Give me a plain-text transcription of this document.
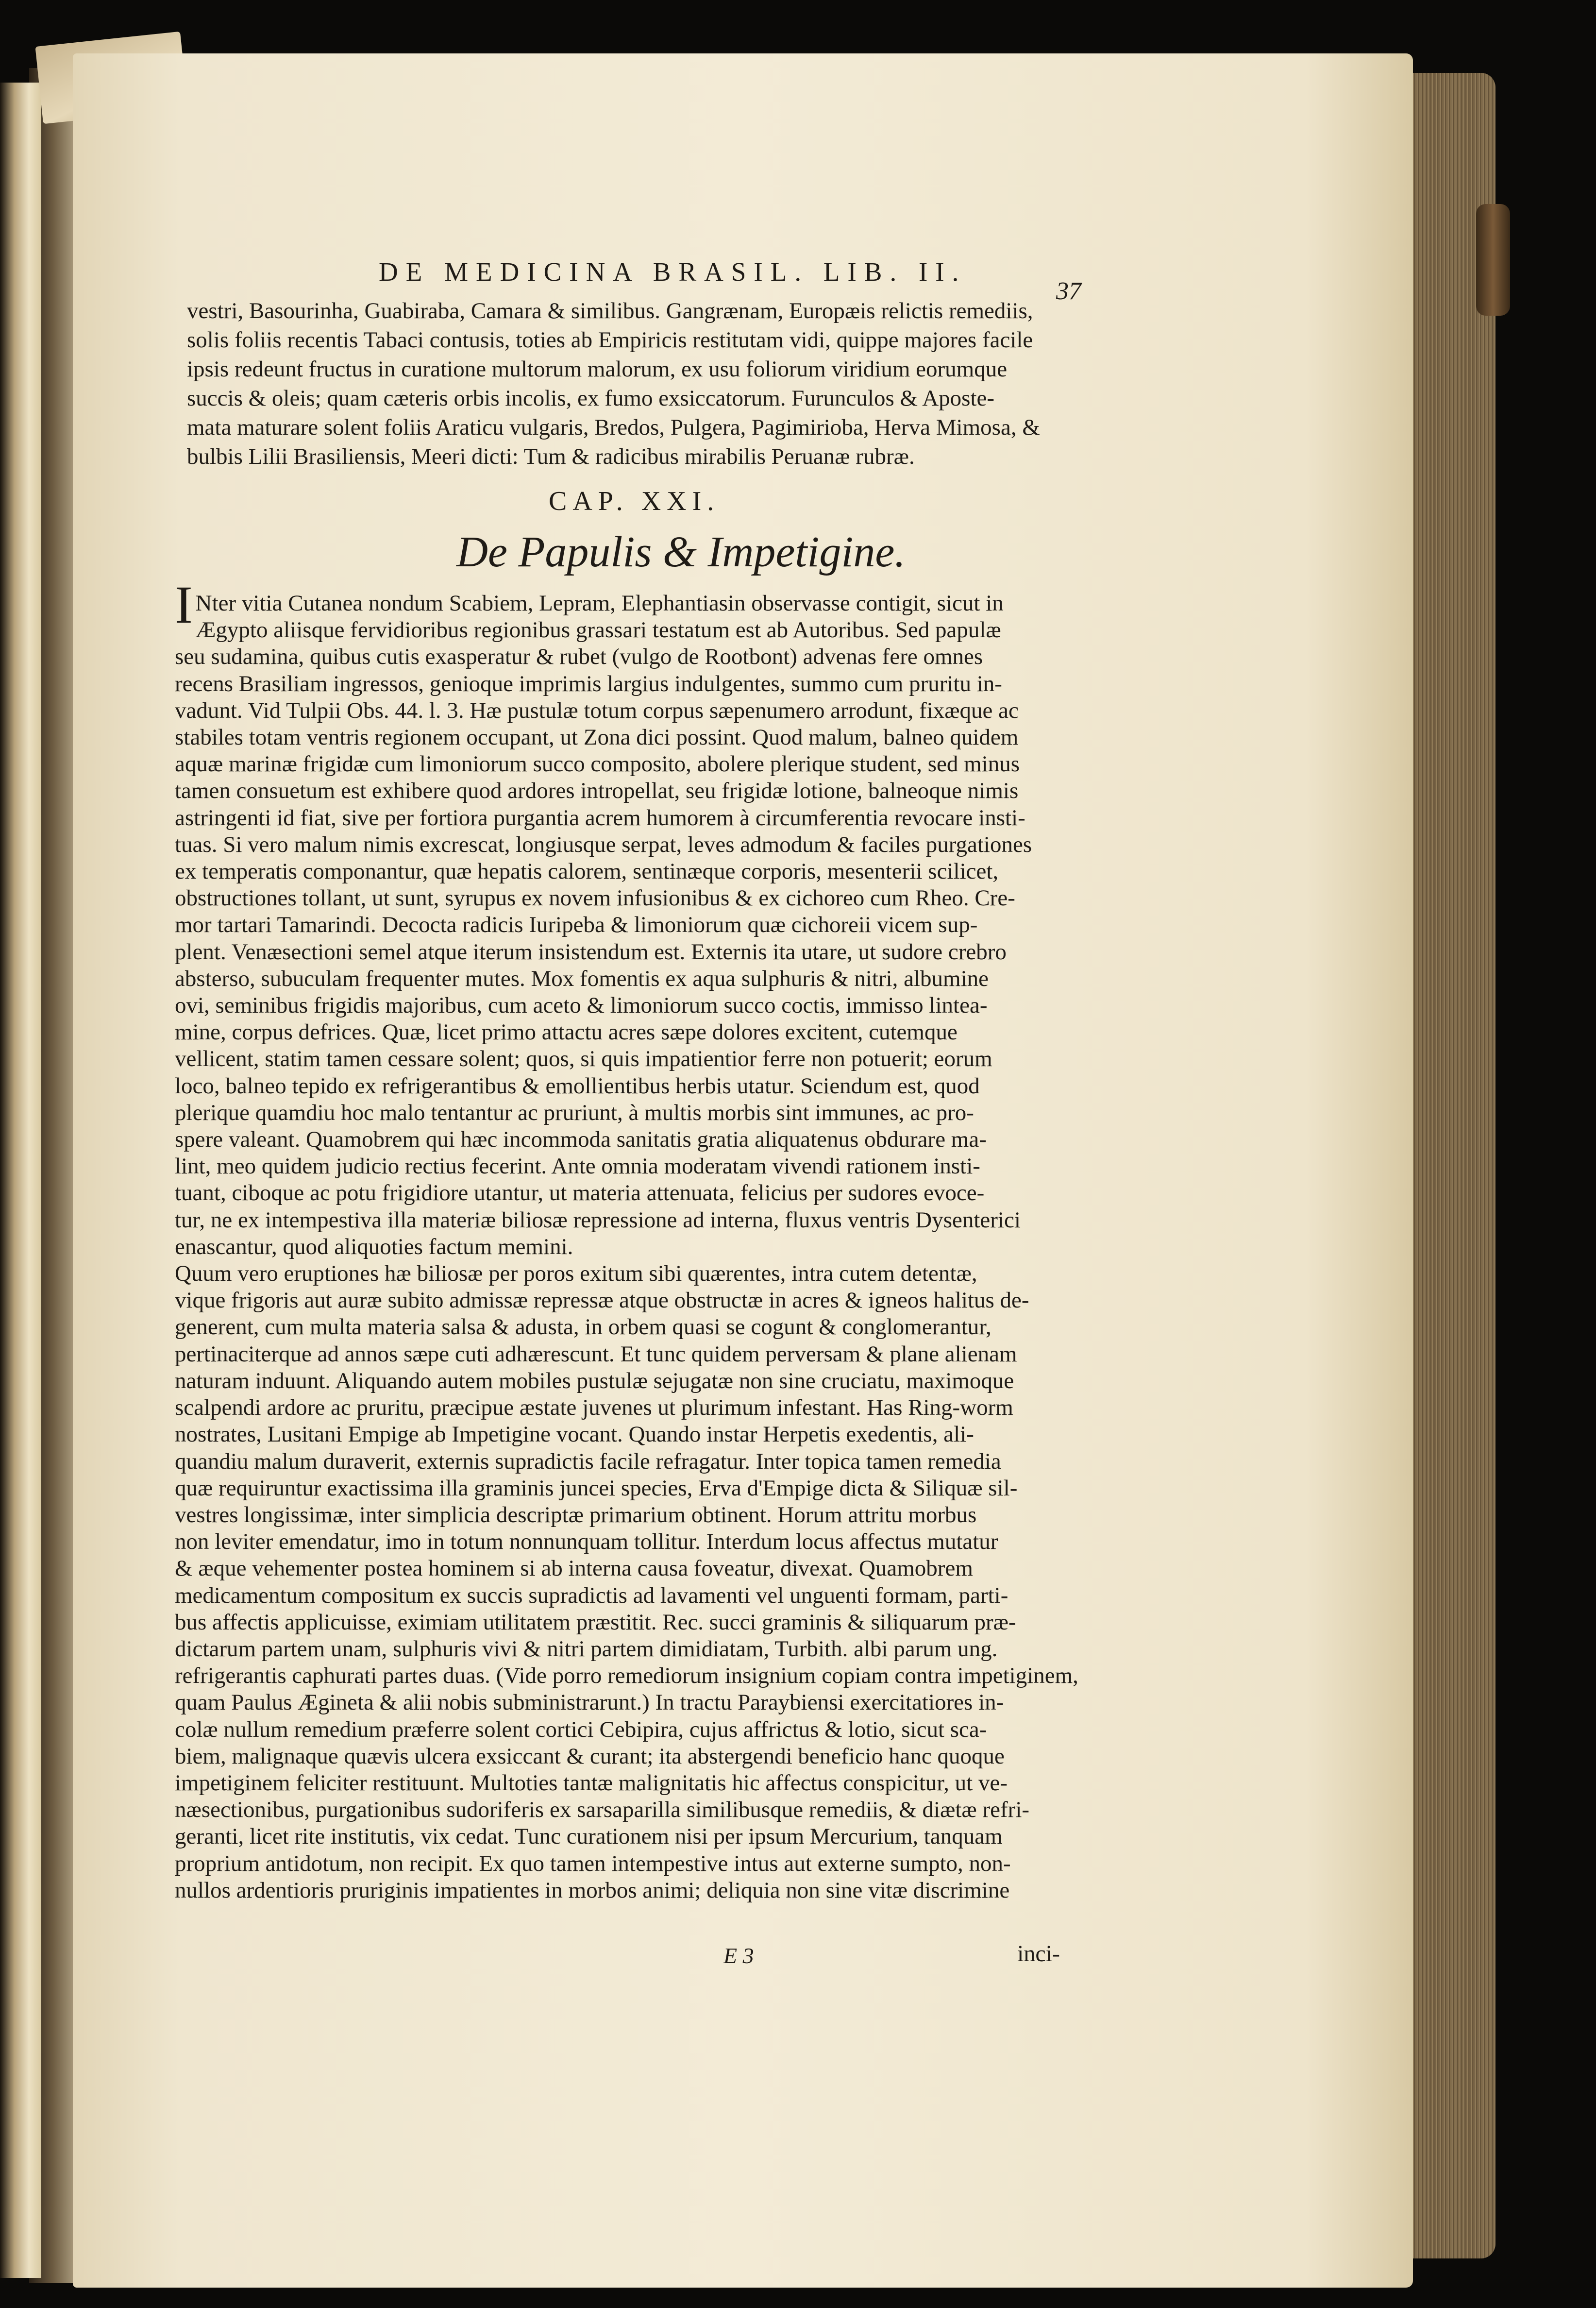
DE MEDICINA BRASIL. LIB. II.
37
vestri, Basourinha, Guabiraba, Camara & similibus. Gangrænam, Europæis relictis remediis,
solis foliis recentis Tabaci contusis, toties ab Empiricis restitutam vidi, quippe majores facile
ipsis redeunt fructus in curatione multorum malorum, ex usu foliorum viridium eorumque
succis & oleis; quam cæteris orbis incolis, ex fumo exsiccatorum. Furunculos & Aposte-
mata maturare solent foliis Araticu vulgaris, Bredos, Pulgera, Pagimirioba, Herva Mimosa, &
bulbis Lilii Brasiliensis, Meeri dicti: Tum & radicibus mirabilis Peruanæ rubræ.
CAP. XXI.
De Papulis & Impetigine.
I Nter vitia Cutanea nondum Scabiem, Lepram, Elephantiasin observasse contigit, sicut in
Ægypto aliisque fervidioribus regionibus grassari testatum est ab Autoribus. Sed papulæ
seu sudamina, quibus cutis exasperatur & rubet (vulgo de Rootbont) advenas fere omnes
recens Brasiliam ingressos, genioque imprimis largius indulgentes, summo cum pruritu in-
vadunt. Vid Tulpii Obs. 44. l. 3. Hæ pustulæ totum corpus sæpenumero arrodunt, fixæque ac
stabiles totam ventris regionem occupant, ut Zona dici possint. Quod malum, balneo quidem
aquæ marinæ frigidæ cum limoniorum succo composito, abolere plerique student, sed minus
tamen consuetum est exhibere quod ardores intropellat, seu frigidæ lotione, balneoque nimis
astringenti id fiat, sive per fortiora purgantia acrem humorem à circumferentia revocare insti-
tuas. Si vero malum nimis excrescat, longiusque serpat, leves admodum & faciles purgationes
ex temperatis componantur, quæ hepatis calorem, sentinæque corporis, mesenterii scilicet,
obstructiones tollant, ut sunt, syrupus ex novem infusionibus & ex cichoreo cum Rheo. Cre-
mor tartari Tamarindi. Decocta radicis Iuripeba & limoniorum quæ cichoreii vicem sup-
plent. Venæsectioni semel atque iterum insistendum est. Externis ita utare, ut sudore crebro
absterso, subuculam frequenter mutes. Mox fomentis ex aqua sulphuris & nitri, albumine
ovi, seminibus frigidis majoribus, cum aceto & limoniorum succo coctis, immisso lintea-
mine, corpus defrices. Quæ, licet primo attactu acres sæpe dolores excitent, cutemque
vellicent, statim tamen cessare solent; quos, si quis impatientior ferre non potuerit; eorum
loco, balneo tepido ex refrigerantibus & emollientibus herbis utatur. Sciendum est, quod
plerique quamdiu hoc malo tentantur ac pruriunt, à multis morbis sint immunes, ac pro-
spere valeant. Quamobrem qui hæc incommoda sanitatis gratia aliquatenus obdurare ma-
lint, meo quidem judicio rectius fecerint. Ante omnia moderatam vivendi rationem insti-
tuant, ciboque ac potu frigidiore utantur, ut materia attenuata, felicius per sudores evoce-
tur, ne ex intempestiva illa materiæ biliosæ repressione ad interna, fluxus ventris Dysenterici
enascantur, quod aliquoties factum memini.
Quum vero eruptiones hæ biliosæ per poros exitum sibi quærentes, intra cutem detentæ,
vique frigoris aut auræ subito admissæ repressæ atque obstructæ in acres & igneos halitus de-
generent, cum multa materia salsa & adusta, in orbem quasi se cogunt & conglomerantur,
pertinaciterque ad annos sæpe cuti adhærescunt. Et tunc quidem perversam & plane alienam
naturam induunt. Aliquando autem mobiles pustulæ sejugatæ non sine cruciatu, maximoque
scalpendi ardore ac pruritu, præcipue æstate juvenes ut plurimum infestant. Has Ring-worm
nostrates, Lusitani Empige ab Impetigine vocant. Quando instar Herpetis exedentis, ali-
quandiu malum duraverit, externis supradictis facile refragatur. Inter topica tamen remedia
quæ requiruntur exactissima illa graminis juncei species, Erva d'Empige dicta & Siliquæ sil-
vestres longissimæ, inter simplicia descriptæ primarium obtinent. Horum attritu morbus
non leviter emendatur, imo in totum nonnunquam tollitur. Interdum locus affectus mutatur
& æque vehementer postea hominem si ab interna causa foveatur, divexat. Quamobrem
medicamentum compositum ex succis supradictis ad lavamenti vel unguenti formam, parti-
bus affectis applicuisse, eximiam utilitatem præstitit. Rec. succi graminis & siliquarum præ-
dictarum partem unam, sulphuris vivi & nitri partem dimidiatam, Turbith. albi parum ung.
refrigerantis caphurati partes duas. (Vide porro remediorum insignium copiam contra impetiginem,
quam Paulus Ægineta & alii nobis subministrarunt.) In tractu Paraybiensi exercitatiores in-
colæ nullum remedium præferre solent cortici Cebipira, cujus affrictus & lotio, sicut sca-
biem, malignaque quævis ulcera exsiccant & curant; ita abstergendi beneficio hanc quoque
impetiginem feliciter restituunt. Multoties tantæ malignitatis hic affectus conspicitur, ut ve-
næsectionibus, purgationibus sudoriferis ex sarsaparilla similibusque remediis, & diætæ refri-
geranti, licet rite institutis, vix cedat. Tunc curationem nisi per ipsum Mercurium, tanquam
proprium antidotum, non recipit. Ex quo tamen intempestive intus aut externe sumpto, non-
nullos ardentioris pruriginis impatientes in morbos animi; deliquia non sine vitæ discrimine
E 3	inci-
